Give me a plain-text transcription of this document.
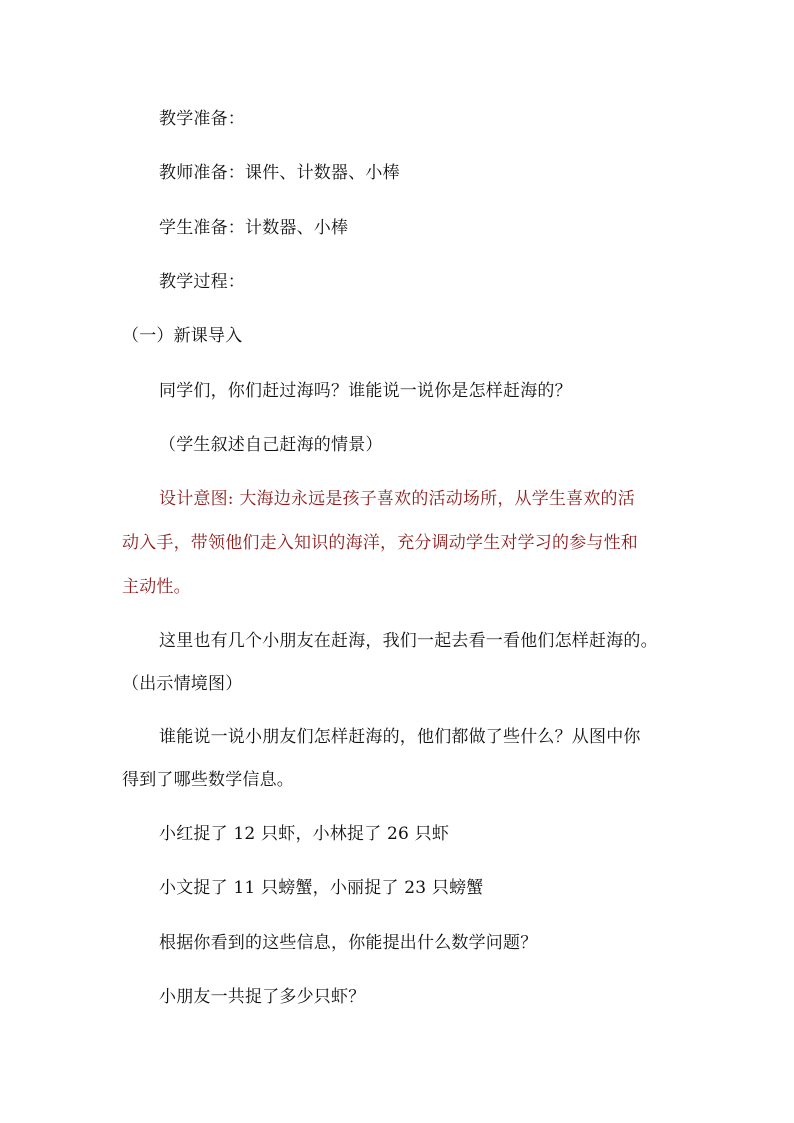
教学准备：
教师准备：课件、计数器、小棒
学生准备：计数器、小棒
教学过程：
（一）新课导入
同学们，你们赶过海吗？谁能说一说你是怎样赶海的？
（学生叙述自己赶海的情景）
设计意图: 大海边永远是孩子喜欢的活动场所，从学生喜欢的活
动入手，带领他们走入知识的海洋，充分调动学生对学习的参与性和
主动性。
这里也有几个小朋友在赶海，我们一起去看一看他们怎样赶海的。
（出示情境图）
谁能说一说小朋友们怎样赶海的，他们都做了些什么？从图中你
得到了哪些数学信息。
小红捉了 12 只虾，小林捉了 26 只虾
小文捉了 11 只螃蟹，小丽捉了 23 只螃蟹
根据你看到的这些信息，你能提出什么数学问题？
小朋友一共捉了多少只虾？
